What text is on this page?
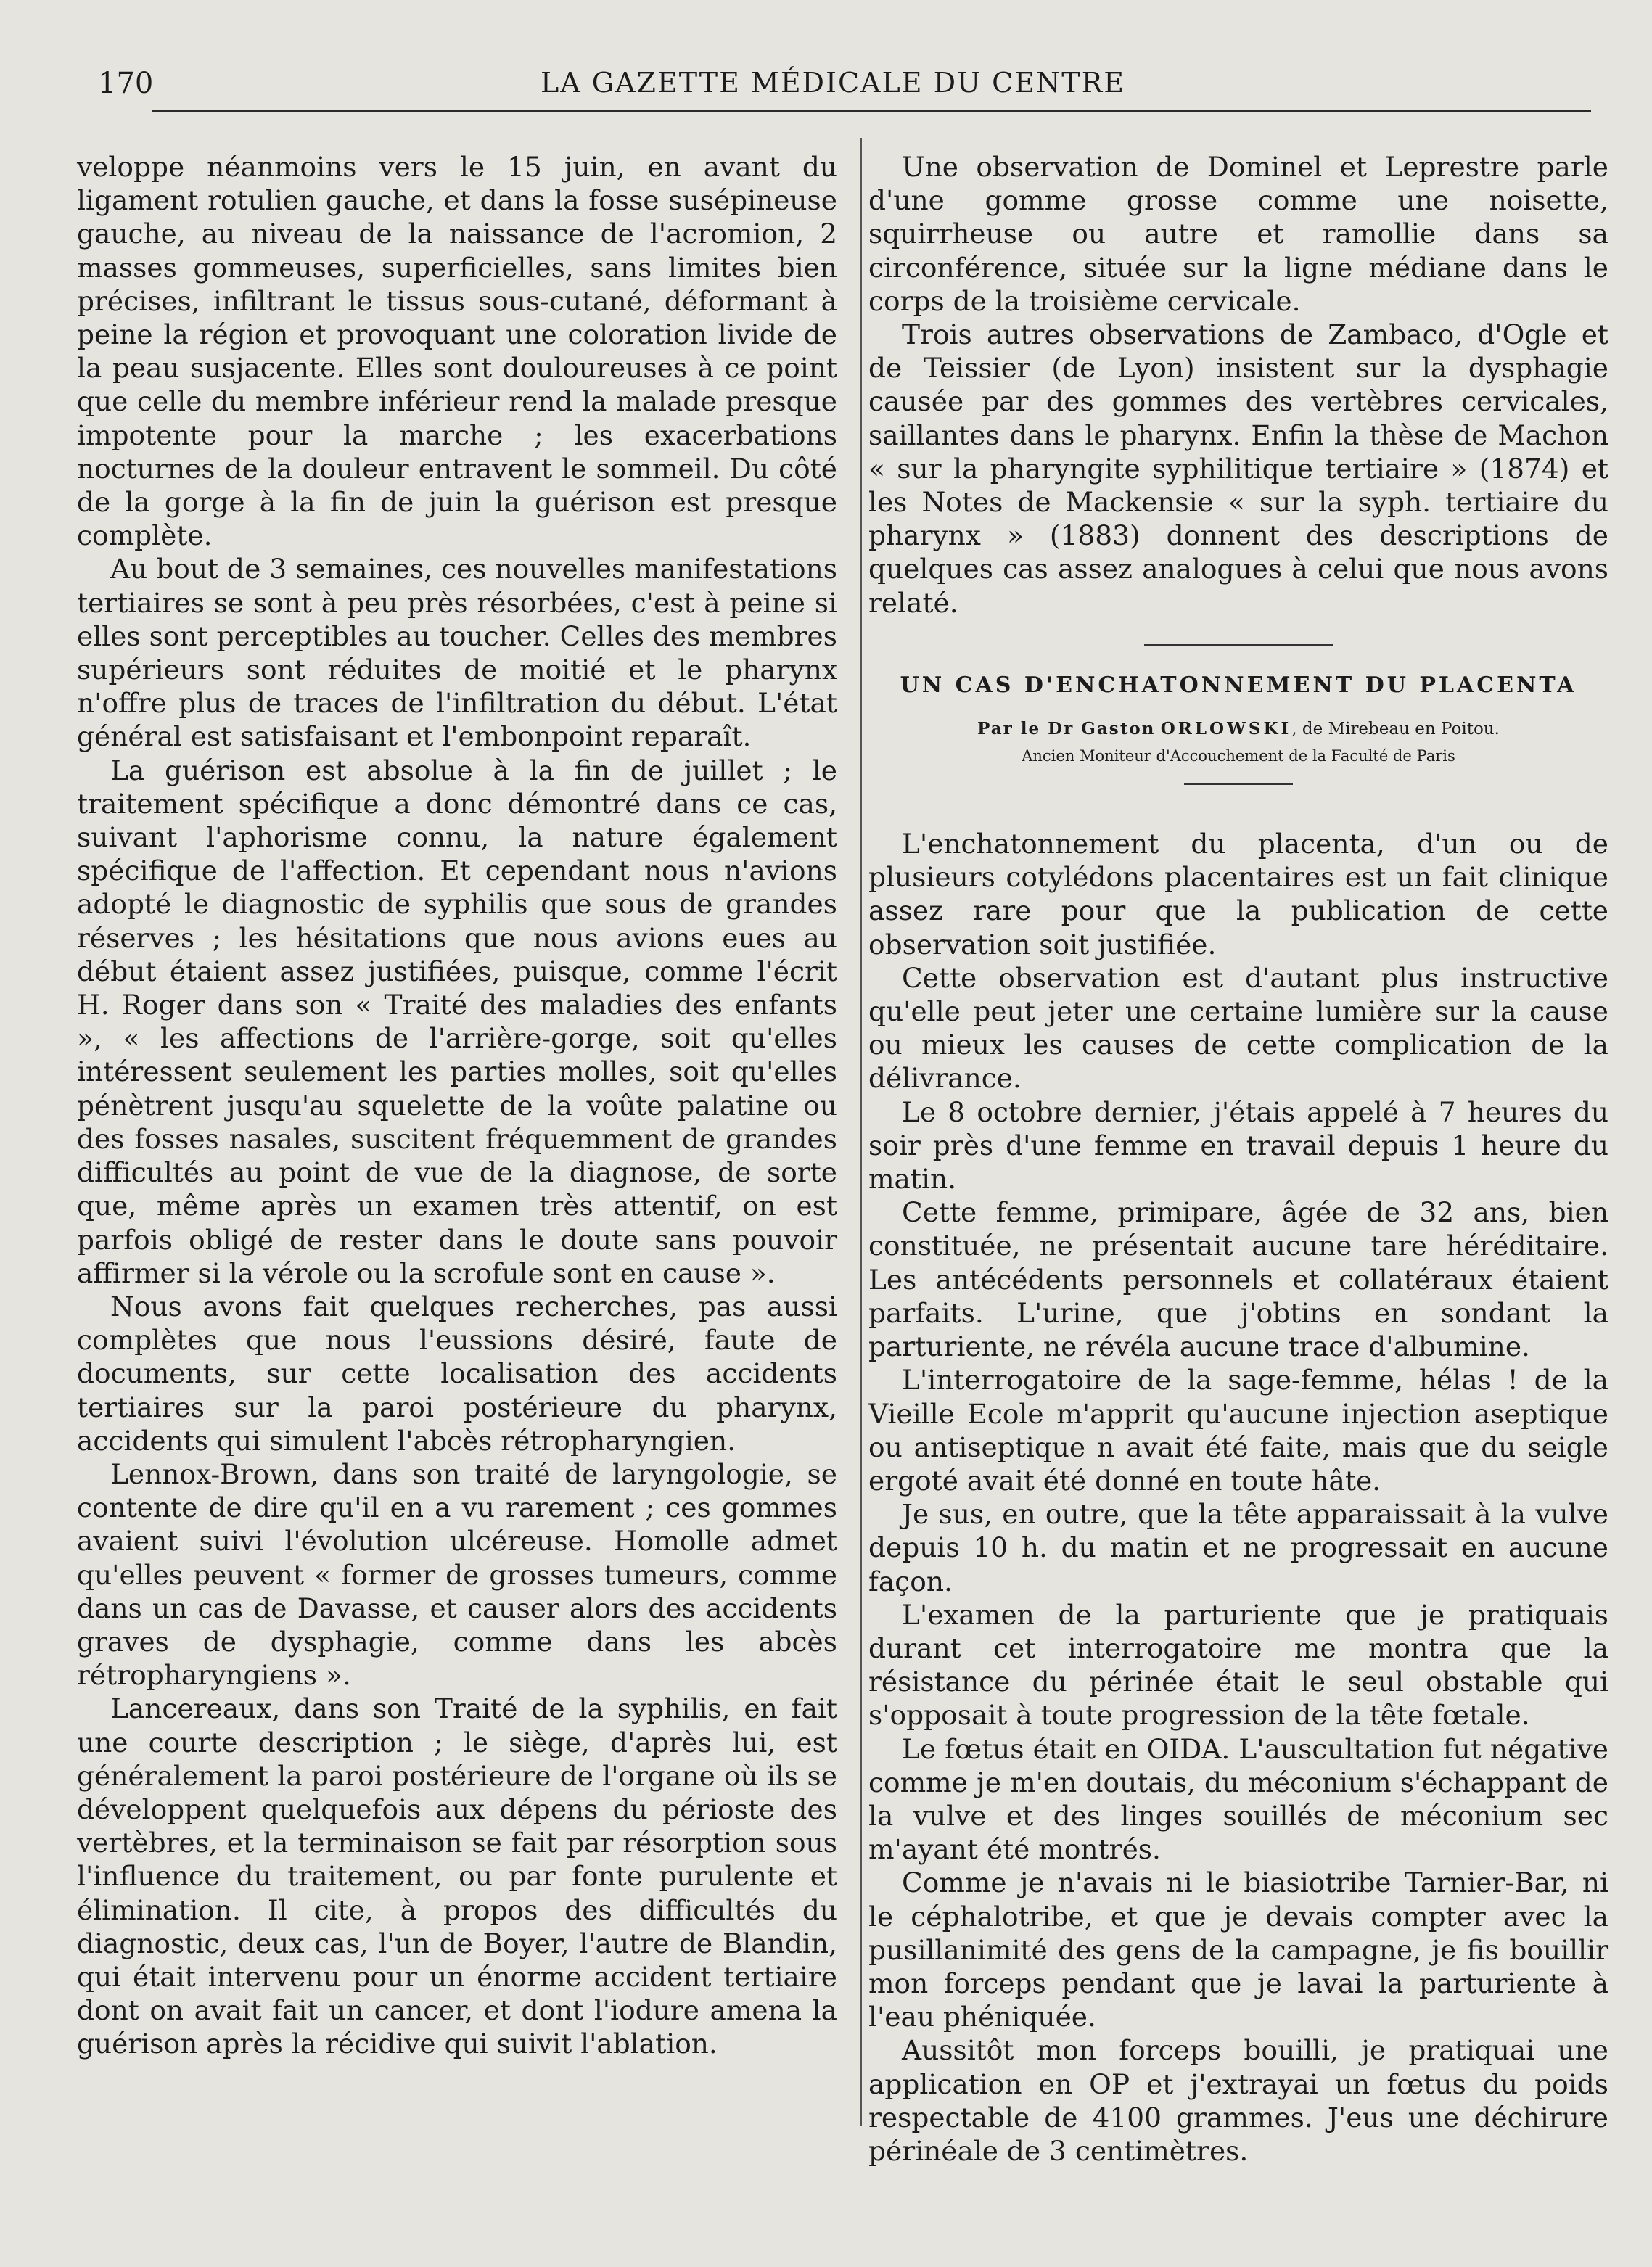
170	LA GAZETTE MÉDICALE DU CENTRE

veloppe néanmoins vers le 15 juin, en avant du ligament rotulien gauche, et dans la fosse susépineuse gauche, au niveau de la naissance de l'acromion, 2 masses gommeuses, superficielles, sans limites bien précises, infiltrant le tissus sous-cutané, déformant à peine la région et provoquant une coloration livide de la peau susjacente. Elles sont douloureuses à ce point que celle du membre inférieur rend la malade presque impotente pour la marche ; les exacerbations nocturnes de la douleur entravent le sommeil. Du côté de la gorge à la fin de juin la guérison est presque complète.

Au bout de 3 semaines, ces nouvelles manifestations tertiaires se sont à peu près résorbées, c'est à peine si elles sont perceptibles au toucher. Celles des membres supérieurs sont réduites de moitié et le pharynx n'offre plus de traces de l'infiltration du début. L'état général est satisfaisant et l'embonpoint reparaît.

La guérison est absolue à la fin de juillet ; le traitement spécifique a donc démontré dans ce cas, suivant l'aphorisme connu, la nature également spécifique de l'affection. Et cependant nous n'avions adopté le diagnostic de syphilis que sous de grandes réserves ; les hésitations que nous avions eues au début étaient assez justifiées, puisque, comme l'écrit H. Roger dans son « Traité des maladies des enfants », « les affections de l'arrière-gorge, soit qu'elles intéressent seulement les parties molles, soit qu'elles pénètrent jusqu'au squelette de la voûte palatine ou des fosses nasales, suscitent fréquemment de grandes difficultés au point de vue de la diagnose, de sorte que, même après un examen très attentif, on est parfois obligé de rester dans le doute sans pouvoir affirmer si la vérole ou la scrofule sont en cause ».

Nous avons fait quelques recherches, pas aussi complètes que nous l'eussions désiré, faute de documents, sur cette localisation des accidents tertiaires sur la paroi postérieure du pharynx, accidents qui simulent l'abcès rétropharyngien.

Lennox-Brown, dans son traité de laryngologie, se contente de dire qu'il en a vu rarement ; ces gommes avaient suivi l'évolution ulcéreuse. Homolle admet qu'elles peuvent « former de grosses tumeurs, comme dans un cas de Davasse, et causer alors des accidents graves de dysphagie, comme dans les abcès rétropharyngiens ».

Lancereaux, dans son Traité de la syphilis, en fait une courte description ; le siège, d'après lui, est généralement la paroi postérieure de l'organe où ils se développent quelquefois aux dépens du périoste des vertèbres, et la terminaison se fait par résorption sous l'influence du traitement, ou par fonte purulente et élimination. Il cite, à propos des difficultés du diagnostic, deux cas, l'un de Boyer, l'autre de Blandin, qui était intervenu pour un énorme accident tertiaire dont on avait fait un cancer, et dont l'iodure amena la guérison après la récidive qui suivit l'ablation.

Une observation de Dominel et Leprestre parle d'une gomme grosse comme une noisette, squirrheuse ou autre et ramollie dans sa circonférence, située sur la ligne médiane dans le corps de la troisième cervicale.

Trois autres observations de Zambaco, d'Ogle et de Teissier (de Lyon) insistent sur la dysphagie causée par des gommes des vertèbres cervicales, saillantes dans le pharynx. Enfin la thèse de Machon « sur la pharyngite syphilitique tertiaire » (1874) et les Notes de Mackensie « sur la syph. tertiaire du pharynx » (1883) donnent des descriptions de quelques cas assez analogues à celui que nous avons relaté.

UN CAS D'ENCHATONNEMENT DU PLACENTA
Par le Dr Gaston ORLOWSKI, de Mirebeau en Poitou.
Ancien Moniteur d'Accouchement de la Faculté de Paris

L'enchatonnement du placenta, d'un ou de plusieurs cotylédons placentaires est un fait clinique assez rare pour que la publication de cette observation soit justifiée.

Cette observation est d'autant plus instructive qu'elle peut jeter une certaine lumière sur la cause ou mieux les causes de cette complication de la délivrance.

Le 8 octobre dernier, j'étais appelé à 7 heures du soir près d'une femme en travail depuis 1 heure du matin.

Cette femme, primipare, âgée de 32 ans, bien constituée, ne présentait aucune tare héréditaire. Les antécédents personnels et collatéraux étaient parfaits. L'urine, que j'obtins en sondant la parturiente, ne révéla aucune trace d'albumine.

L'interrogatoire de la sage-femme, hélas ! de la Vieille Ecole m'apprit qu'aucune injection aseptique ou antiseptique n avait été faite, mais que du seigle ergoté avait été donné en toute hâte.

Je sus, en outre, que la tête apparaissait à la vulve depuis 10 h. du matin et ne progressait en aucune façon.

L'examen de la parturiente que je pratiquais durant cet interrogatoire me montra que la résistance du périnée était le seul obstable qui s'opposait à toute progression de la tête fœtale.

Le fœtus était en OIDA. L'auscultation fut négative comme je m'en doutais, du méconium s'échappant de la vulve et des linges souillés de méconium sec m'ayant été montrés.

Comme je n'avais ni le biasiotribe Tarnier-Bar, ni le céphalotribe, et que je devais compter avec la pusillanimité des gens de la campagne, je fis bouillir mon forceps pendant que je lavai la parturiente à l'eau phéniquée.

Aussitôt mon forceps bouilli, je pratiquai une application en OP et j'extrayai un fœtus du poids respectable de 4100 grammes. J'eus une déchirure périnéale de 3 centimètres.
